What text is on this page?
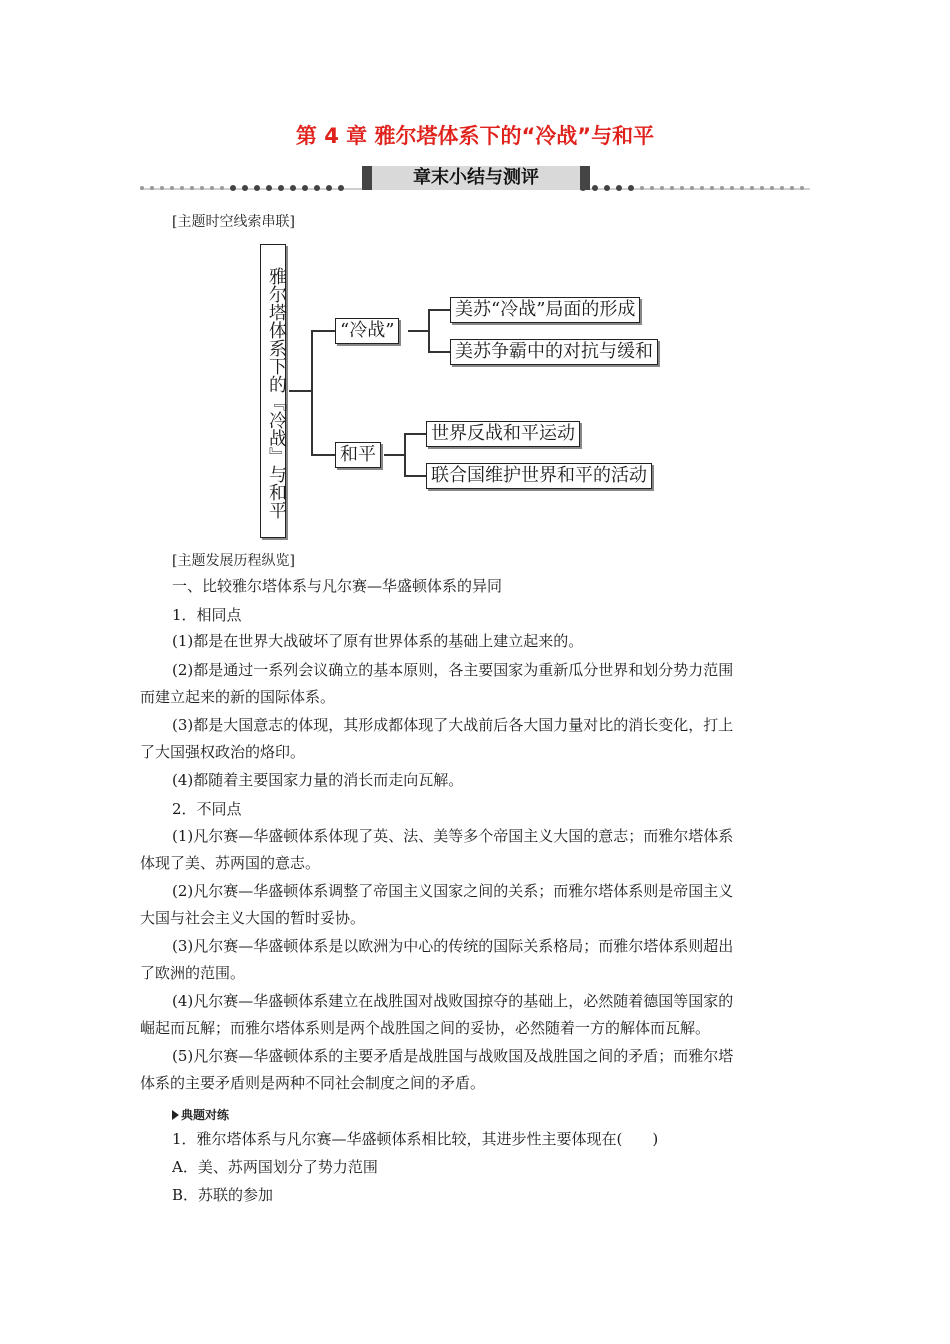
第 4 章 雅尔塔体系下的“冷战”与和平
章末小结与测评
[主题时空线索串联]
雅尔塔体系下的『冷战』与和平	“冷战”
和平
美苏“冷战”局面的形成
美苏争霸中的对抗与缓和
世界反战和平运动
联合国维护世界和平的活动
[主题发展历程纵览]
一、比较雅尔塔体系与凡尔赛—华盛顿体系的异同
1．相同点
(1)都是在世界大战破坏了原有世界体系的基础上建立起来的。
(2)都是通过一系列会议确立的基本原则，各主要国家为重新瓜分世界和划分势力范围
而建立起来的新的国际体系。
(3)都是大国意志的体现，其形成都体现了大战前后各大国力量对比的消长变化，打上
了大国强权政治的烙印。
(4)都随着主要国家力量的消长而走向瓦解。
2．不同点
(1)凡尔赛—华盛顿体系体现了英、法、美等多个帝国主义大国的意志；而雅尔塔体系
体现了美、苏两国的意志。
(2)凡尔赛—华盛顿体系调整了帝国主义国家之间的关系；而雅尔塔体系则是帝国主义
大国与社会主义大国的暂时妥协。
(3)凡尔赛—华盛顿体系是以欧洲为中心的传统的国际关系格局；而雅尔塔体系则超出
了欧洲的范围。
(4)凡尔赛—华盛顿体系建立在战胜国对战败国掠夺的基础上，必然随着德国等国家的
崛起而瓦解；而雅尔塔体系则是两个战胜国之间的妥协，必然随着一方的解体而瓦解。
(5)凡尔赛—华盛顿体系的主要矛盾是战胜国与战败国及战胜国之间的矛盾；而雅尔塔
体系的主要矛盾则是两种不同社会制度之间的矛盾。
典题对练
1．雅尔塔体系与凡尔赛—华盛顿体系相比较，其进步性主要体现在(　　)
A．美、苏两国划分了势力范围
B．苏联的参加
